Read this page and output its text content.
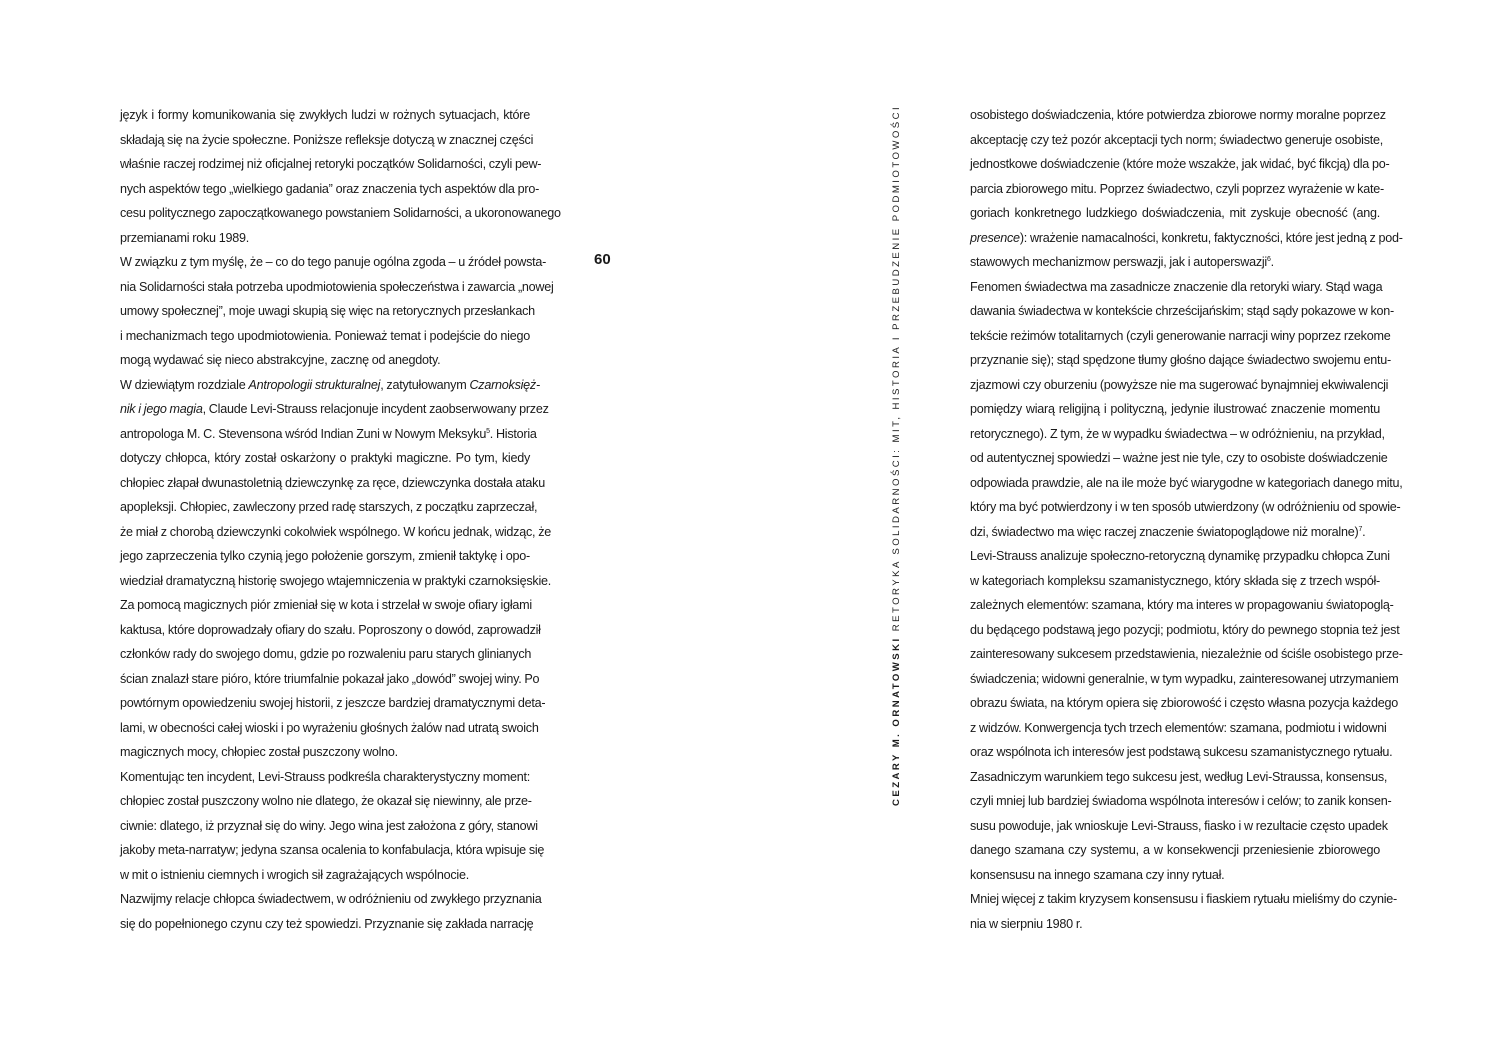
język i formy komunikowania się zwykłych ludzi w rożnych sytuacjach, które
składają się na życie społeczne. Poniższe refleksje dotyczą w znacznej części
właśnie raczej rodzimej niż oficjalnej retoryki początków Solidarności, czyli pew-
nych aspektów tego „wielkiego gadania” oraz znaczenia tych aspektów dla pro-
cesu politycznego zapoczątkowanego powstaniem Solidarności, a ukoronowanego
przemianami roku 1989.
W związku z tym myślę, że – co do tego panuje ogólna zgoda – u źródeł powsta-
nia Solidarności stała potrzeba upodmiotowienia społeczeństwa i zawarcia „nowej
umowy społecznej”, moje uwagi skupią się więc na retorycznych przesłankach
i mechanizmach tego upodmiotowienia. Ponieważ temat i podejście do niego
mogą wydawać się nieco abstrakcyjne, zacznę od anegdoty.
W dziewiątym rozdziale Antropologii strukturalnej, zatytułowanym Czarnoksięż-
nik i jego magia, Claude Levi-Strauss relacjonuje incydent zaobserwowany przez
antropologa M. C. Stevensona wśród Indian Zuni w Nowym Meksyku$^5$. Historia
dotyczy chłopca, który został oskarżony o praktyki magiczne. Po tym, kiedy
chłopiec złapał dwunastoletnią dziewczynkę za ręce, dziewczynka dostała ataku
apopleksji. Chłopiec, zawleczony przed radę starszych, z początku zaprzeczał,
że miał z chorobą dziewczynki cokolwiek wspólnego. W końcu jednak, widząc, że
jego zaprzeczenia tylko czynią jego położenie gorszym, zmienił taktykę i opo-
wiedział dramatyczną historię swojego wtajemniczenia w praktyki czarnoksięskie.
Za pomocą magicznych piór zmieniał się w kota i strzelał w swoje ofiary igłami
kaktusa, które doprowadzały ofiary do szału. Poproszony o dowód, zaprowadził
członków rady do swojego domu, gdzie po rozwaleniu paru starych glinianych
ścian znalazł stare pióro, które triumfalnie pokazał jako „dowód” swojej winy. Po
powtórnym opowiedzeniu swojej historii, z jeszcze bardziej dramatycznymi deta-
lami, w obecności całej wioski i po wyrażeniu głośnych żalów nad utratą swoich
magicznych mocy, chłopiec został puszczony wolno.
Komentując ten incydent, Levi-Strauss podkreśla charakterystyczny moment:
chłopiec został puszczony wolno nie dlatego, że okazał się niewinny, ale prze-
ciwnie: dlatego, iż przyznał się do winy. Jego wina jest założona z góry, stanowi
jakoby meta-narratyw; jedyna szansa ocalenia to konfabulacja, która wpisuje się
w mit o istnieniu ciemnych i wrogich sił zagrażających wspólnocie.
Nazwijmy relacje chłopca świadectwem, w odróżnieniu od zwykłego przyznania
się do popełnionego czynu czy też spowiedzi. Przyznanie się zakłada narrację
60
CEZARY M. ORNATOWSKI RETORYKA SOLIDARNOŚCI: MIT, HISTORIA I PRZEBUDZENIE PODMIOTOWOŚCI	osobistego doświadczenia, które potwierdza zbiorowe normy moralne poprzez
akceptację czy też pozór akceptacji tych norm; świadectwo generuje osobiste,
jednostkowe doświadczenie (które może wszakże, jak widać, być fikcją) dla po-
parcia zbiorowego mitu. Poprzez świadectwo, czyli poprzez wyrażenie w kate-
goriach konkretnego ludzkiego doświadczenia, mit zyskuje obecność (ang.
presence): wrażenie namacalności, konkretu, faktyczności, które jest jedną z pod-
stawowych mechanizmow perswazji, jak i autoperswazji$^6$.
Fenomen świadectwa ma zasadnicze znaczenie dla retoryki wiary. Stąd waga
dawania świadectwa w kontekście chrześcijańskim; stąd sądy pokazowe w kon-
tekście reżimów totalitarnych (czyli generowanie narracji winy poprzez rzekome
przyznanie się); stąd spędzone tłumy głośno dające świadectwo swojemu entu-
zjazmowi czy oburzeniu (powyższe nie ma sugerować bynajmniej ekwiwalencji
pomiędzy wiarą religijną i polityczną, jedynie ilustrować znaczenie momentu
retorycznego). Z tym, że w wypadku świadectwa – w odróżnieniu, na przykład,
od autentycznej spowiedzi – ważne jest nie tyle, czy to osobiste doświadczenie
odpowiada prawdzie, ale na ile może być wiarygodne w kategoriach danego mitu,
który ma być potwierdzony i w ten sposób utwierdzony (w odróżnieniu od spowie-
dzi, świadectwo ma więc raczej znaczenie światopoglądowe niż moralne)$^7$.
Levi-Strauss analizuje społeczno-retoryczną dynamikę przypadku chłopca Zuni
w kategoriach kompleksu szamanistycznego, który składa się z trzech współ-
zależnych elementów: szamana, który ma interes w propagowaniu światopoglą-
du będącego podstawą jego pozycji; podmiotu, który do pewnego stopnia też jest
zainteresowany sukcesem przedstawienia, niezależnie od ściśle osobistego prze-
świadczenia; widowni generalnie, w tym wypadku, zainteresowanej utrzymaniem
obrazu świata, na którym opiera się zbiorowość i często własna pozycja każdego
z widzów. Konwergencja tych trzech elementów: szamana, podmiotu i widowni
oraz wspólnota ich interesów jest podstawą sukcesu szamanistycznego rytuału.
Zasadniczym warunkiem tego sukcesu jest, według Levi-Straussa, konsensus,
czyli mniej lub bardziej świadoma wspólnota interesów i celów; to zanik konsen-
susu powoduje, jak wnioskuje Levi-Strauss, fiasko i w rezultacie często upadek
danego szamana czy systemu, a w konsekwencji przeniesienie zbiorowego
konsensusu na innego szamana czy inny rytuał.
Mniej więcej z takim kryzysem konsensusu i fiaskiem rytuału mieliśmy do czynie-
nia w sierpniu 1980 r.
